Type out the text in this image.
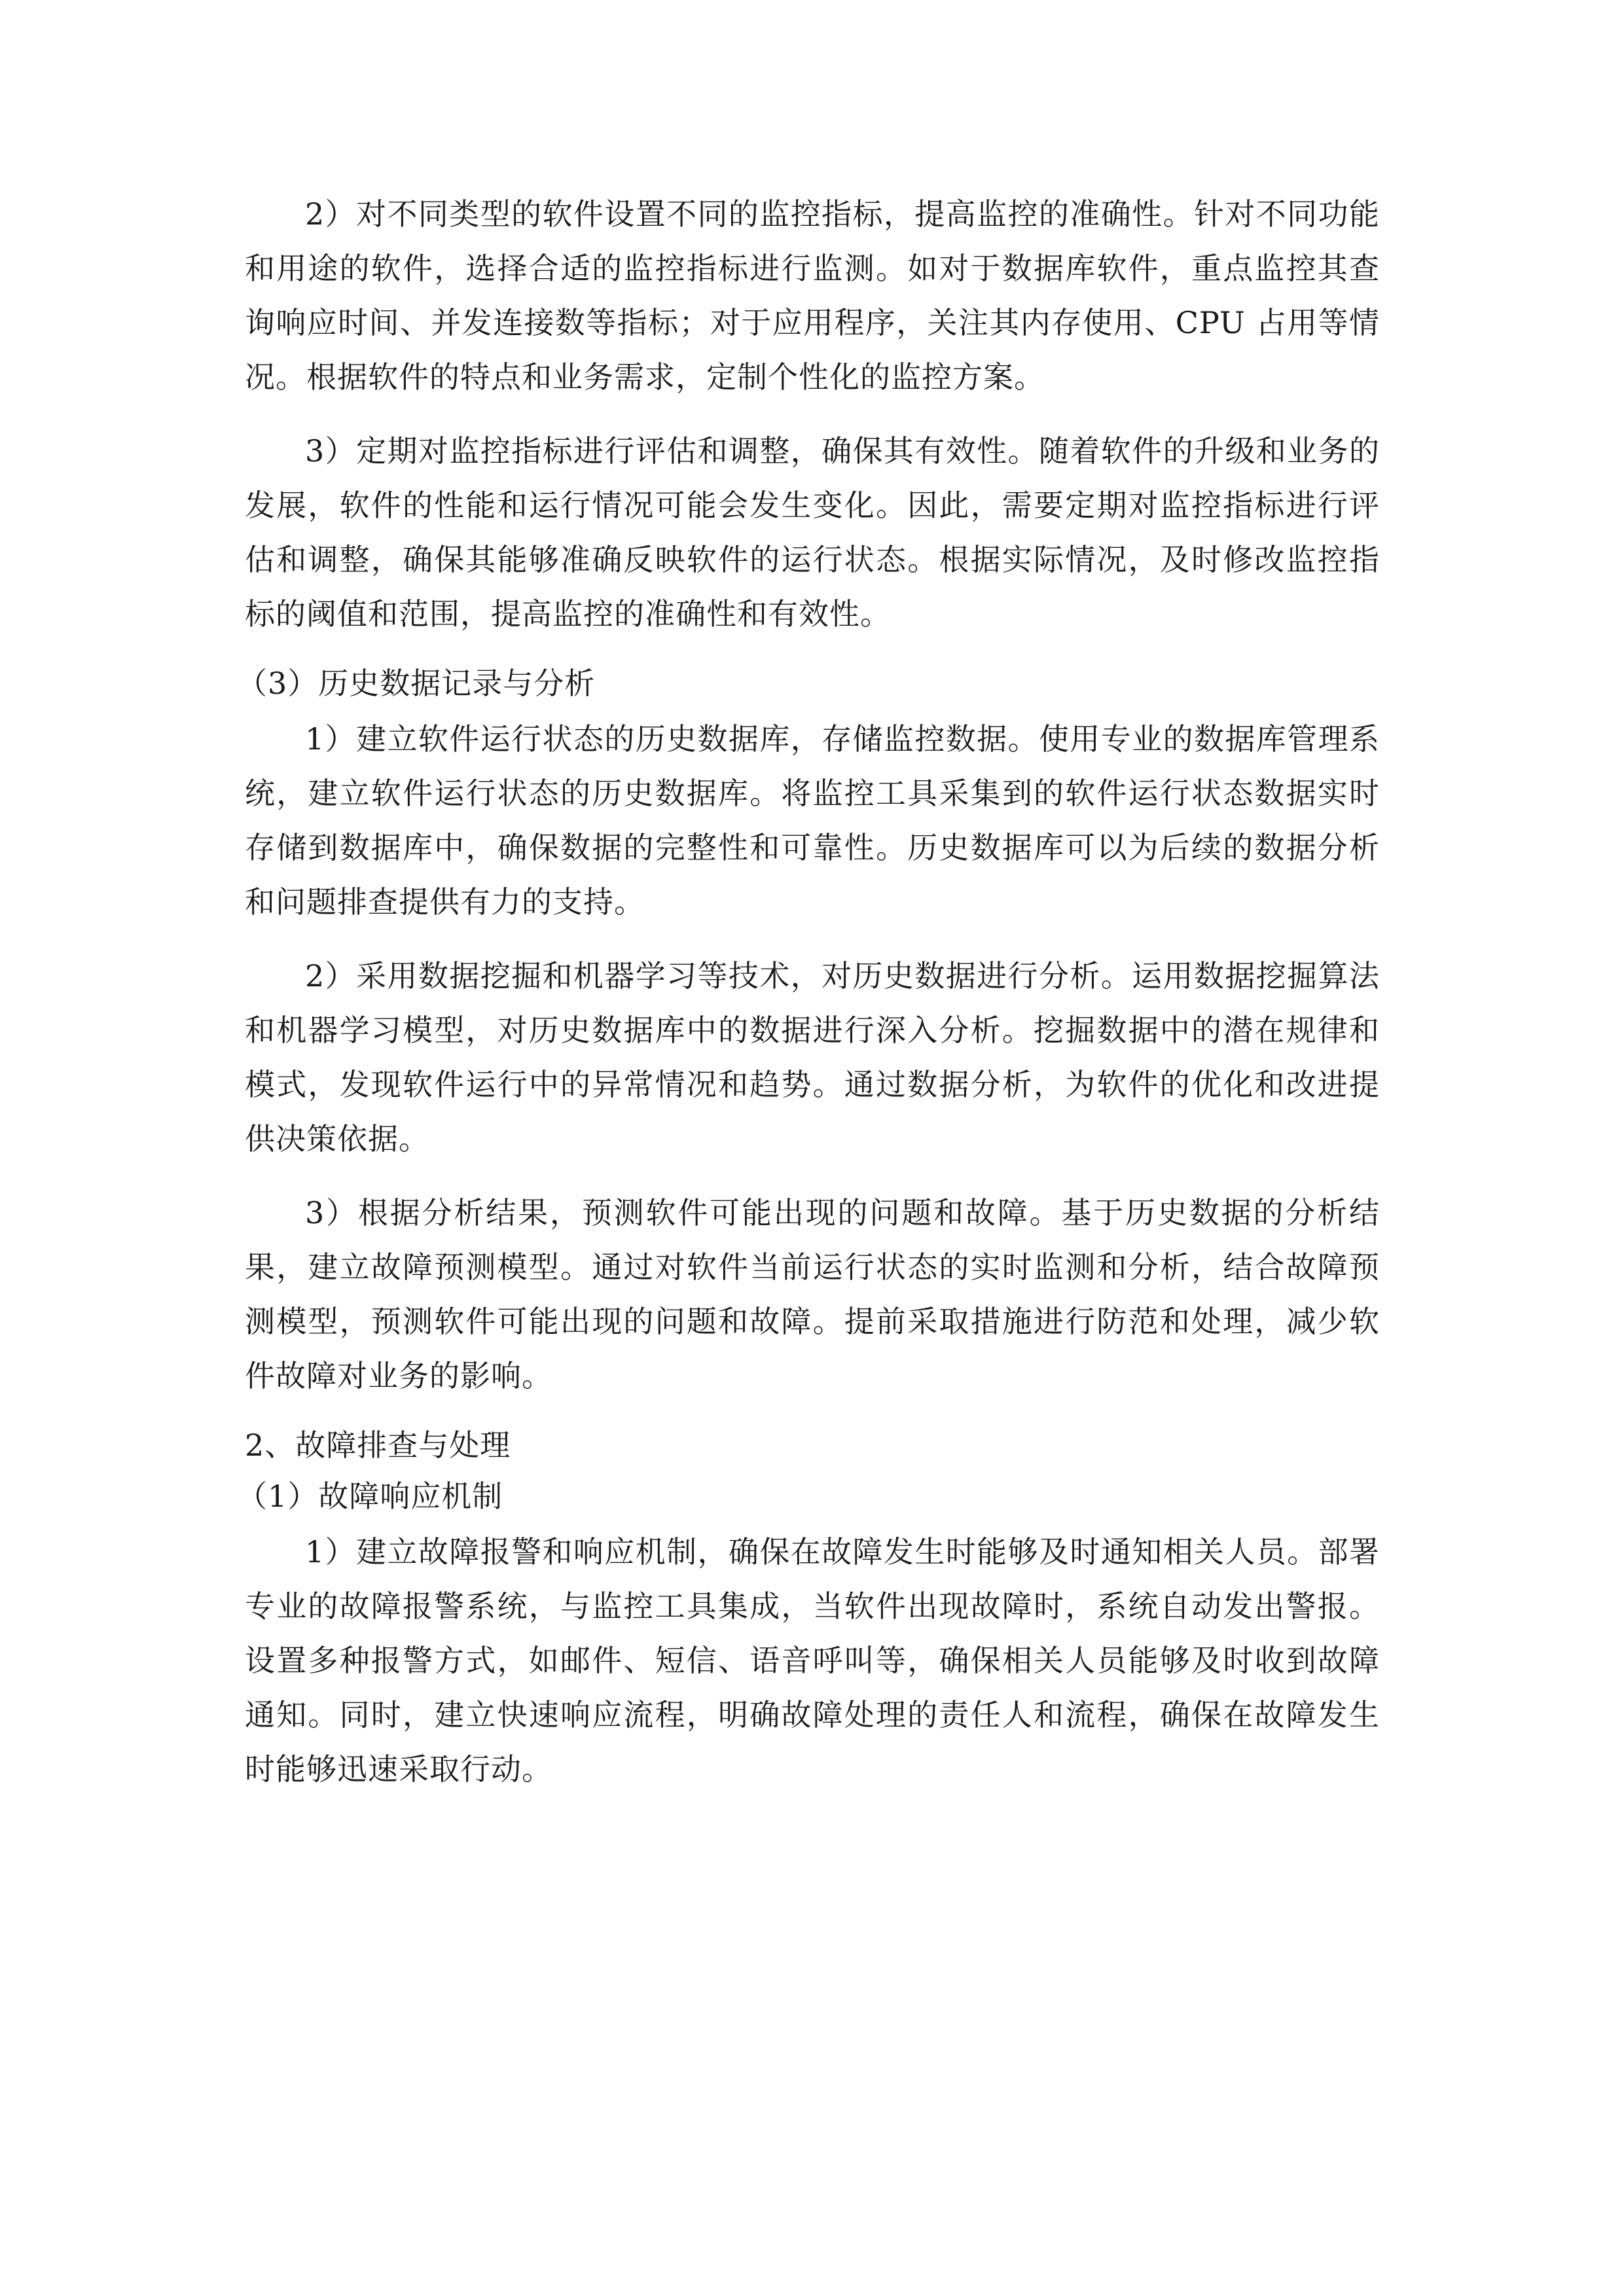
2）对不同类型的软件设置不同的监控指标，提高监控的准确性。针对不同功能和用途的软件，选择合适的监控指标进行监测。如对于数据库软件，重点监控其查询响应时间、并发连接数等指标；对于应用程序，关注其内存使用、CPU 占用等情况。根据软件的特点和业务需求，定制个性化的监控方案。

3）定期对监控指标进行评估和调整，确保其有效性。随着软件的升级和业务的发展，软件的性能和运行情况可能会发生变化。因此，需要定期对监控指标进行评估和调整，确保其能够准确反映软件的运行状态。根据实际情况，及时修改监控指标的阈值和范围，提高监控的准确性和有效性。

（3）历史数据记录与分析

1）建立软件运行状态的历史数据库，存储监控数据。使用专业的数据库管理系统，建立软件运行状态的历史数据库。将监控工具采集到的软件运行状态数据实时存储到数据库中，确保数据的完整性和可靠性。历史数据库可以为后续的数据分析和问题排查提供有力的支持。

2）采用数据挖掘和机器学习等技术，对历史数据进行分析。运用数据挖掘算法和机器学习模型，对历史数据库中的数据进行深入分析。挖掘数据中的潜在规律和模式，发现软件运行中的异常情况和趋势。通过数据分析，为软件的优化和改进提供决策依据。

3）根据分析结果，预测软件可能出现的问题和故障。基于历史数据的分析结果，建立故障预测模型。通过对软件当前运行状态的实时监测和分析，结合故障预测模型，预测软件可能出现的问题和故障。提前采取措施进行防范和处理，减少软件故障对业务的影响。

2、故障排查与处理

（1）故障响应机制

1）建立故障报警和响应机制，确保在故障发生时能够及时通知相关人员。部署专业的故障报警系统，与监控工具集成，当软件出现故障时，系统自动发出警报。设置多种报警方式，如邮件、短信、语音呼叫等，确保相关人员能够及时收到故障通知。同时，建立快速响应流程，明确故障处理的责任人和流程，确保在故障发生时能够迅速采取行动。
